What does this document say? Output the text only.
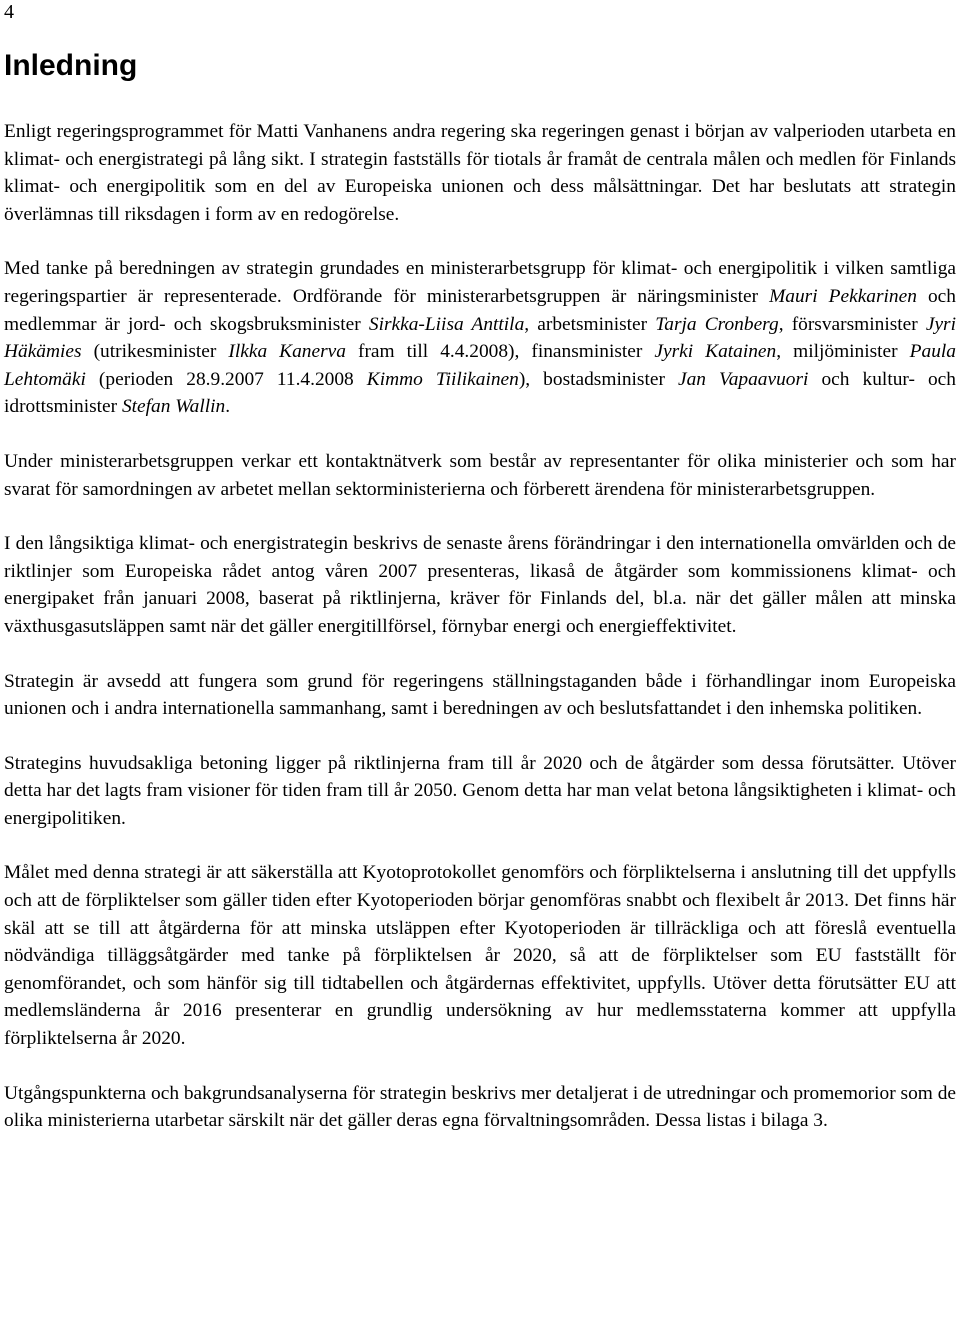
4
Inledning

Enligt regeringsprogrammet för Matti Vanhanens andra regering ska regeringen genast i början av valperioden utarbeta en klimat- och energistrategi på lång sikt. I strategin fastställs för tiotals år framåt de centrala målen och medlen för Finlands klimat- och energipolitik som en del av Europeiska unionen och dess målsättningar. Det har beslutats att strategin överlämnas till riksdagen i form av en redogörelse.

Med tanke på beredningen av strategin grundades en ministerarbetsgrupp för klimat- och energipolitik i vilken samtliga regeringspartier är representerade. Ordförande för ministerarbetsgruppen är näringsminister Mauri Pekkarinen och medlemmar är jord- och skogsbruksminister Sirkka-Liisa Anttila, arbetsminister Tarja Cronberg, försvarsminister Jyri Häkämies (utrikesminister Ilkka Kanerva fram till 4.4.2008), finansminister Jyrki Katainen, miljöminister Paula Lehtomäki (perioden 28.9.2007 11.4.2008 Kimmo Tiilikainen), bostadsminister Jan Vapaavuori och kultur- och idrottsminister Stefan Wallin.

Under ministerarbetsgruppen verkar ett kontaktnätverk som består av representanter för olika ministerier och som har svarat för samordningen av arbetet mellan sektorministerierna och förberett ärendena för ministerarbetsgruppen.

I den långsiktiga klimat- och energistrategin beskrivs de senaste årens förändringar i den internationella omvärlden och de riktlinjer som Europeiska rådet antog våren 2007 presenteras, likaså de åtgärder som kommissionens klimat- och energipaket från januari 2008, baserat på riktlinjerna, kräver för Finlands del, bl.a. när det gäller målen att minska växthusgasutsläppen samt när det gäller energitillförsel, förnybar energi och energieffektivitet.

Strategin är avsedd att fungera som grund för regeringens ställningstaganden både i förhandlingar inom Europeiska unionen och i andra internationella sammanhang, samt i beredningen av och beslutsfattandet i den inhemska politiken.

Strategins huvudsakliga betoning ligger på riktlinjerna fram till år 2020 och de åtgärder som dessa förutsätter. Utöver detta har det lagts fram visioner för tiden fram till år 2050. Genom detta har man velat betona långsiktigheten i klimat- och energipolitiken.

Målet med denna strategi är att säkerställa att Kyotoprotokollet genomförs och förpliktelserna i anslutning till det uppfylls och att de förpliktelser som gäller tiden efter Kyotoperioden börjar genomföras snabbt och flexibelt år 2013. Det finns här skäl att se till att åtgärderna för att minska utsläppen efter Kyotoperioden är tillräckliga och att föreslå eventuella nödvändiga tilläggsåtgärder med tanke på förpliktelsen år 2020, så att de förpliktelser som EU fastställt för genomförandet, och som hänför sig till tidtabellen och åtgärdernas effektivitet, uppfylls. Utöver detta förutsätter EU att medlemsländerna år 2016 presenterar en grundlig undersökning av hur medlemsstaterna kommer att uppfylla förpliktelserna år 2020.

Utgångspunkterna och bakgrundsanalyserna för strategin beskrivs mer detaljerat i de utredningar och promemorior som de olika ministerierna utarbetar särskilt när det gäller deras egna förvaltningsområden. Dessa listas i bilaga 3.
